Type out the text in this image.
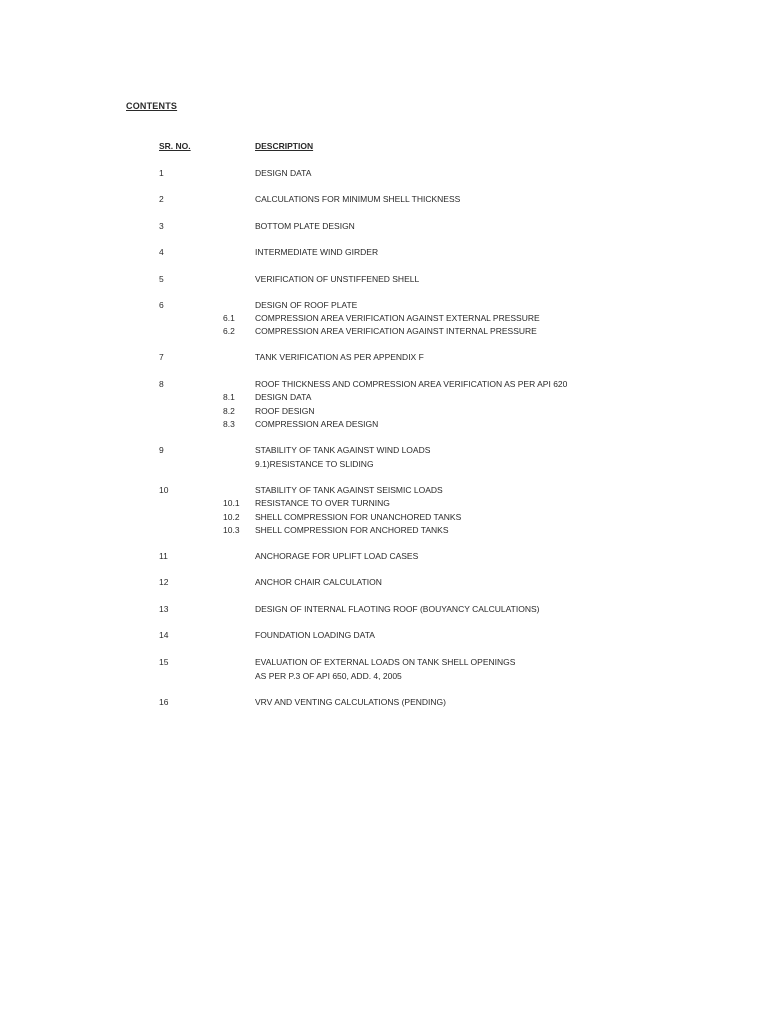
CONTENTS
SR. NO.	DESCRIPTION
1	DESIGN DATA
2	CALCULATIONS FOR MINIMUM SHELL THICKNESS
3	BOTTOM PLATE DESIGN
4	INTERMEDIATE WIND GIRDER
5	VERIFICATION OF UNSTIFFENED SHELL
6	DESIGN OF ROOF PLATE
6.1 COMPRESSION AREA VERIFICATION AGAINST EXTERNAL PRESSURE
6.2 COMPRESSION AREA VERIFICATION AGAINST INTERNAL PRESSURE
7	TANK VERIFICATION AS PER APPENDIX F
8	ROOF THICKNESS AND COMPRESSION AREA VERIFICATION AS PER API 620
8.1 DESIGN DATA
8.2 ROOF DESIGN
8.3 COMPRESSION AREA DESIGN
9	STABILITY OF TANK AGAINST WIND LOADS
9.1)RESISTANCE TO SLIDING
10	STABILITY OF TANK AGAINST SEISMIC LOADS
10.1 RESISTANCE TO OVER TURNING
10.2 SHELL COMPRESSION FOR UNANCHORED TANKS
10.3 SHELL COMPRESSION FOR ANCHORED TANKS
11	ANCHORAGE FOR UPLIFT LOAD CASES
12	ANCHOR CHAIR CALCULATION
13	DESIGN OF INTERNAL FLAOTING ROOF (BOUYANCY CALCULATIONS)
14	FOUNDATION LOADING DATA
15	EVALUATION OF EXTERNAL LOADS ON TANK SHELL OPENINGS
AS PER P.3 OF API 650, ADD. 4, 2005
16	VRV AND VENTING CALCULATIONS (PENDING)
